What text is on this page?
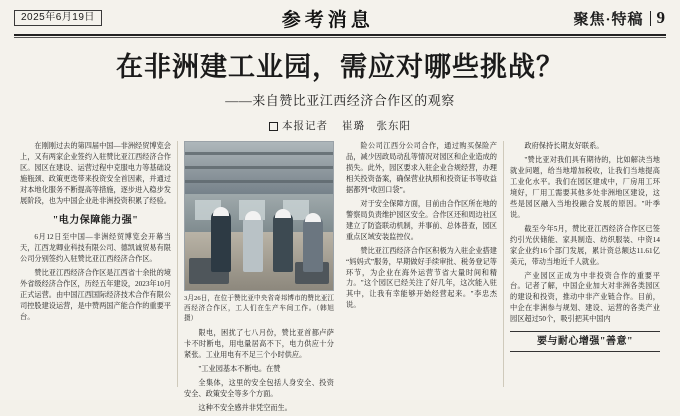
2025年6月19日	参考消息	聚焦·特稿 9
在非洲建工业园，需应对哪些挑战？
——来自赞比亚江西经济合作区的观察
本报记者 崔璐　张东阳

在刚刚过去的第四届中国—非洲经贸博览会上，又有两家企业签约入驻赞比亚江西经济合作区。园区在建设、运营过程中克服电力等基础设施瓶颈、政策更迭带来投资安全首因素，并通过对本地化服务不断提高等措施，逐步进入稳步发展阶段，也为中国企业赴非洲投资积累了经验。

"电力保障能力强"

6月12日至中国—非洲经贸博览会开幕当天，江西龙卿业科技有限公司、德凯诚贸易有限公司分别签约入驻赞比亚江西经济合作区。

赞比亚江西经济合作区是江西省十余批的境外省级经济合作区，历经五年建设，2023年10月正式运营。由中国江西国际经济技术合作有限公司控股建设运营，是中赞两国产能合作的重要平台。

3月26日，在位于赞比亚中央省奇邦博市的赞比亚江西经济合作区，工人们在生产车间工作。（韩旭　摄）

限电，困扰了七八月份，赞比亚首都卢萨卡不时断电，用电量居高不下，电力供应十分紧张。工业用电有不足三个小时供应。

"工业园基本不断电。在赞

全集体，这里的安全包括人身安全、投资安全、政策安全等多个方面。

这种不安全感并非凭空而生。

险公司江西分公司合作，通过购买保险产品，减少因政局动乱等情况对园区和企业造成的损失。此外，园区要求入驻企业合规经营，办理相关投资备案，确保营业执照和投资证书等收益据都列“收回口袋”。

对于安全保障方面，目前由合作区所在地的警察局负责维护园区安全。合作区还和周边社区建立了防盗联动机制，并事前、总体普查，园区重点区域安装监控仪。

赞比亚江西经济合作区积极为入驻企业搭建“妈妈式”服务，早期做好手续审批、税务登记等环节，为企业在海外运营节省大量时间和精力。"这个园区已经关注了好几年，这次能入驻其中，让我有幸能够开始经营起来。"李忠杰说。

政府保持长期友好联系。

"赞比亚对我们具有期待的，比如解决当地就业问题，给当地增加税收，让我们当地提高工业化水平。我们在园区建成中，厂房用工环境好，厂用工需要其他多处非洲地区建设，这些是园区融入当地投融合发展的原因。"叶季说。

截至今年5月，赞比亚江西经济合作区已签约引光伏储能、家具制造、纺织服装、中资14家企业约16个部门发展，累计资总额达11.61亿美元，带动当地近千人就业。

产业园区正成为中非投资合作的重要平台。记者了解，中国企业加大对非洲各类园区的建设和投资，推动中非产业链合作。目前，中企在非洲参与规划、建设、运营的各类产业园区超过50个，吸引把其中国内

要与耐心增强"善意"
